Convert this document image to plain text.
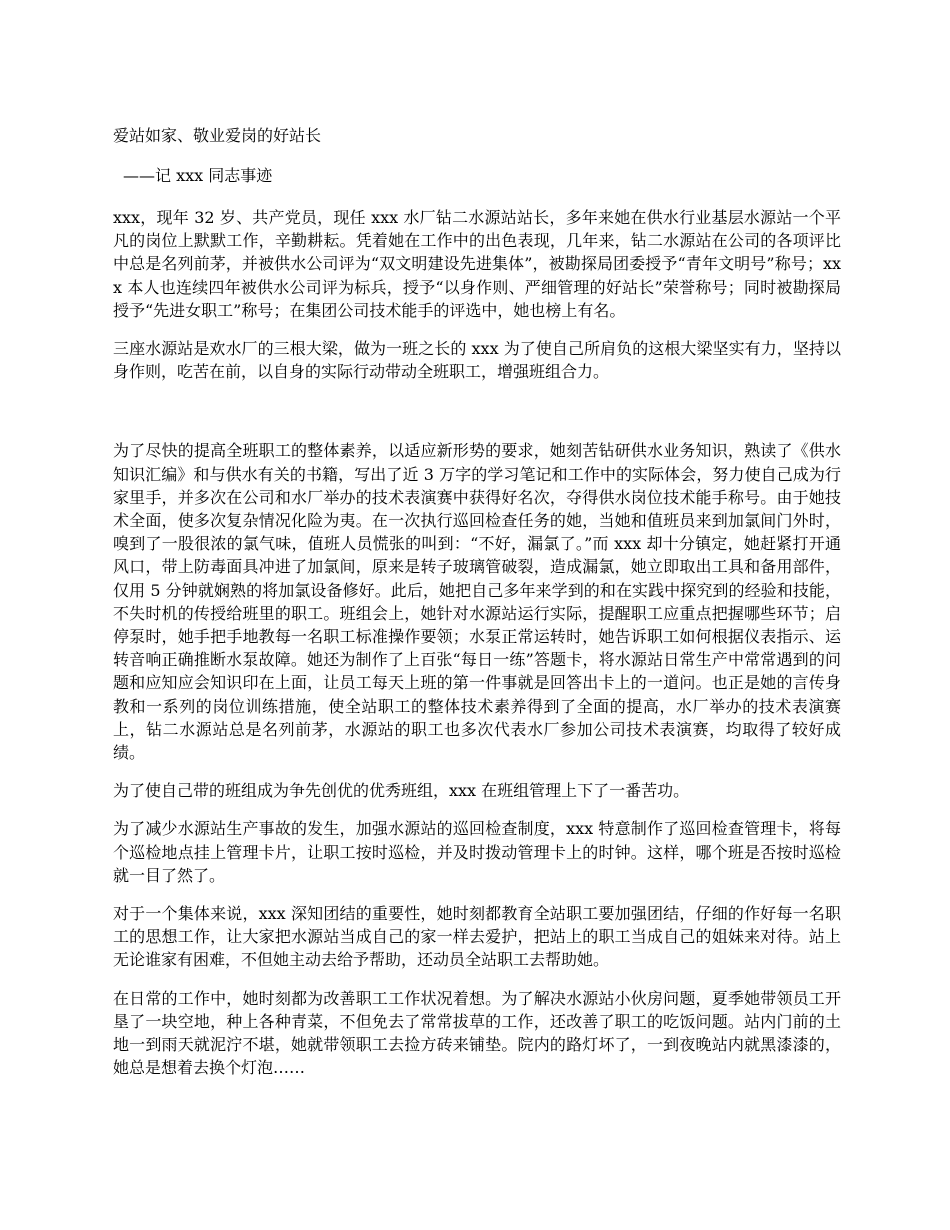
爱站如家、敬业爱岗的好站长
——记 xxx 同志事迹

xxx，现年 32 岁、共产党员，现任 xxx 水厂钻二水源站站长，多年来她在供水行业基层水源站一个平凡的岗位上默默工作，辛勤耕耘。凭着她在工作中的出色表现，几年来，钻二水源站在公司的各项评比中总是名列前茅，并被供水公司评为“双文明建设先进集体”，被勘探局团委授予“青年文明号”称号；xxx 本人也连续四年被供水公司评为标兵，授予“以身作则、严细管理的好站长”荣誉称号；同时被勘探局授予“先进女职工”称号；在集团公司技术能手的评选中，她也榜上有名。

三座水源站是欢水厂的三根大梁，做为一班之长的 xxx 为了使自己所肩负的这根大梁坚实有力，坚持以身作则，吃苦在前，以自身的实际行动带动全班职工，增强班组合力。

为了尽快的提高全班职工的整体素养，以适应新形势的要求，她刻苦钻研供水业务知识，熟读了《供水知识汇编》和与供水有关的书籍，写出了近 3 万字的学习笔记和工作中的实际体会，努力使自己成为行家里手，并多次在公司和水厂举办的技术表演赛中获得好名次，夺得供水岗位技术能手称号。由于她技术全面，使多次复杂情况化险为夷。在一次执行巡回检查任务的她，当她和值班员来到加氯间门外时，嗅到了一股很浓的氯气味，值班人员慌张的叫到：“不好，漏氯了。”而 xxx 却十分镇定，她赶紧打开通风口，带上防毒面具冲进了加氯间，原来是转子玻璃管破裂，造成漏氯，她立即取出工具和备用部件，仅用 5 分钟就娴熟的将加氯设备修好。此后，她把自己多年来学到的和在实践中探究到的经验和技能，不失时机的传授给班里的职工。班组会上，她针对水源站运行实际，提醒职工应重点把握哪些环节；启停泵时，她手把手地教每一名职工标准操作要领；水泵正常运转时，她告诉职工如何根据仪表指示、运转音响正确推断水泵故障。她还为制作了上百张“每日一练”答题卡，将水源站日常生产中常常遇到的问题和应知应会知识印在上面，让员工每天上班的第一件事就是回答出卡上的一道问。也正是她的言传身教和一系列的岗位训练措施，使全站职工的整体技术素养得到了全面的提高，水厂举办的技术表演赛上，钻二水源站总是名列前茅，水源站的职工也多次代表水厂参加公司技术表演赛，均取得了较好成绩。

为了使自己带的班组成为争先创优的优秀班组，xxx 在班组管理上下了一番苦功。

为了减少水源站生产事故的发生，加强水源站的巡回检查制度，xxx 特意制作了巡回检查管理卡，将每个巡检地点挂上管理卡片，让职工按时巡检，并及时拨动管理卡上的时钟。这样，哪个班是否按时巡检就一目了然了。

对于一个集体来说，xxx 深知团结的重要性，她时刻都教育全站职工要加强团结，仔细的作好每一名职工的思想工作，让大家把水源站当成自己的家一样去爱护，把站上的职工当成自己的姐妹来对待。站上无论谁家有困难，不但她主动去给予帮助，还动员全站职工去帮助她。

在日常的工作中，她时刻都为改善职工工作状况着想。为了解决水源站小伙房问题，夏季她带领员工开垦了一块空地，种上各种青菜，不但免去了常常拔草的工作，还改善了职工的吃饭问题。站内门前的土地一到雨天就泥泞不堪，她就带领职工去捡方砖来铺垫。院内的路灯坏了，一到夜晚站内就黑漆漆的，她总是想着去换个灯泡……
